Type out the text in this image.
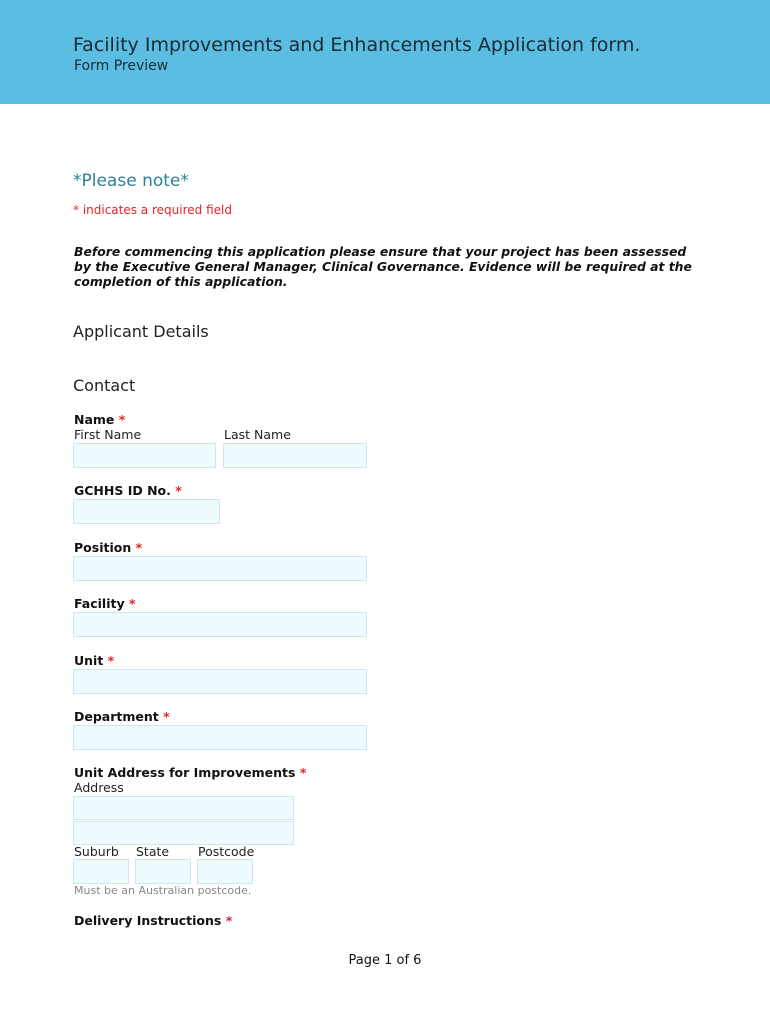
Facility Improvements and Enhancements Application form.
Form Preview
*Please note*
* indicates a required field
Before commencing this application please ensure that your project has been assessed by the Executive General Manager, Clinical Governance. Evidence will be required at the completion of this application.
Applicant Details
Contact
Name *
First Name	Last Name
GCHHS ID No. *
Position *
Facility *
Unit *
Department *
Unit Address for Improvements *
Address
Suburb State Postcode
Must be an Australian postcode.
Delivery Instructions *
Page 1 of 6
